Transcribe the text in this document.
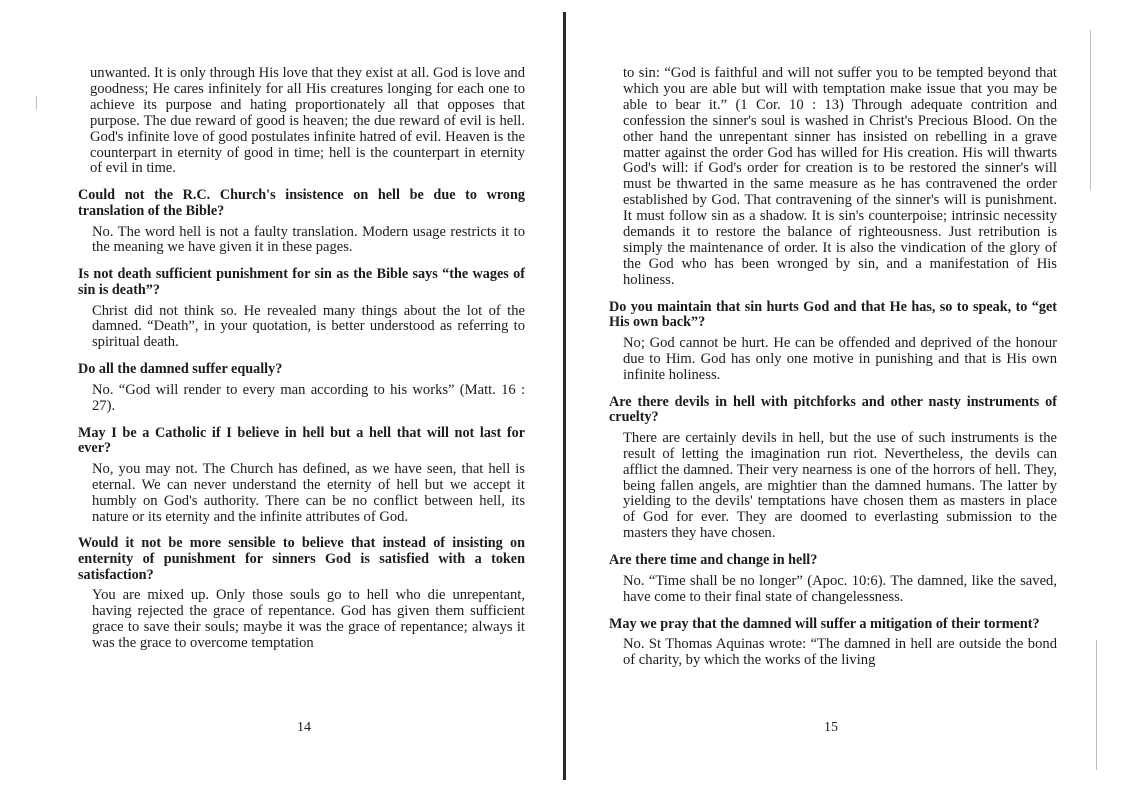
unwanted. It is only through His love that they exist at all. God is love and goodness; He cares infinitely for all His creatures longing for each one to achieve its purpose and hating proportionately all that opposes that purpose. The due reward of good is heaven; the due reward of evil is hell. God's infinite love of good postulates infinite hatred of evil. Heaven is the counterpart in eternity of good in time; hell is the counterpart in eternity of evil in time.

Could not the R.C. Church's insistence on hell be due to wrong translation of the Bible?

No. The word hell is not a faulty translation. Modern usage restricts it to the meaning we have given it in these pages.

Is not death sufficient punishment for sin as the Bible says “the wages of sin is death”?

Christ did not think so. He revealed many things about the lot of the damned. “Death”, in your quotation, is better understood as referring to spiritual death.

Do all the damned suffer equally?

No. “God will render to every man according to his works” (Matt. 16 : 27).

May I be a Catholic if I believe in hell but a hell that will not last for ever?

No, you may not. The Church has defined, as we have seen, that hell is eternal. We can never understand the eternity of hell but we accept it humbly on God's authority. There can be no conflict between hell, its nature or its eternity and the infinite attributes of God.

Would it not be more sensible to believe that instead of insisting on enternity of punishment for sinners God is satisfied with a token satisfaction?

You are mixed up. Only those souls go to hell who die unrepentant, having rejected the grace of repentance. God has given them sufficient grace to save their souls; maybe it was the grace of repentance; always it was the grace to overcome temptation

14

to sin: “God is faithful and will not suffer you to be tempted beyond that which you are able but will with temptation make issue that you may be able to bear it.” (1 Cor. 10 : 13) Through adequate contrition and confession the sinner's soul is washed in Christ's Precious Blood. On the other hand the unrepentant sinner has insisted on rebelling in a grave matter against the order God has willed for His creation. His will thwarts God's will: if God's order for creation is to be restored the sinner's will must be thwarted in the same measure as he has contravened the order established by God. That contravening of the sinner's will is punishment. It must follow sin as a shadow. It is sin's counterpoise; intrinsic necessity demands it to restore the balance of righteousness. Just retribution is simply the maintenance of order. It is also the vindication of the glory of the God who has been wronged by sin, and a manifestation of His holiness.

Do you maintain that sin hurts God and that He has, so to speak, to “get His own back”?

No; God cannot be hurt. He can be offended and deprived of the honour due to Him. God has only one motive in punishing and that is His own infinite holiness.

Are there devils in hell with pitchforks and other nasty instruments of cruelty?

There are certainly devils in hell, but the use of such instruments is the result of letting the imagination run riot. Nevertheless, the devils can afflict the damned. Their very nearness is one of the horrors of hell. They, being fallen angels, are mightier than the damned humans. The latter by yielding to the devils' temptations have chosen them as masters in place of God for ever. They are doomed to everlasting submission to the masters they have chosen.

Are there time and change in hell?

No. “Time shall be no longer” (Apoc. 10:6). The damned, like the saved, have come to their final state of changelessness.

May we pray that the damned will suffer a mitigation of their torment?

No. St Thomas Aquinas wrote: “The damned in hell are outside the bond of charity, by which the works of the living

15
